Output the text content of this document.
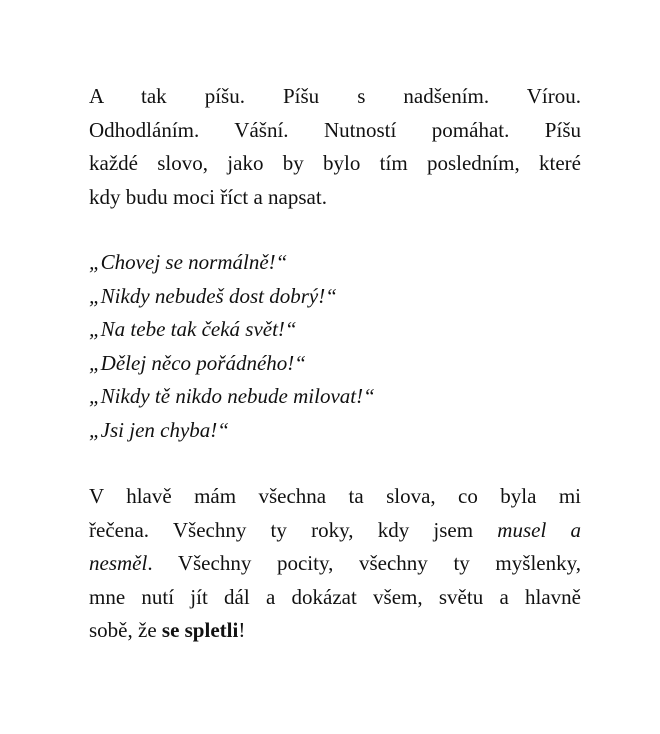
A tak píšu. Píšu s nadšením. Vírou.
Odhodláním. Vášní. Nutností pomáhat. Píšu
každé slovo, jako by bylo tím posledním, které
kdy budu moci říct a napsat.
„Chovej se normálně!“
„Nikdy nebudeš dost dobrý!“
„Na tebe tak čeká svět!“
„Dělej něco pořádného!“
„Nikdy tě nikdo nebude milovat!“
„Jsi jen chyba!“
V hlavě mám všechna ta slova, co byla mi
řečena. Všechny ty roky, kdy jsem musel a
nesměl. Všechny pocity, všechny ty myšlenky,
mne nutí jít dál a dokázat všem, světu a hlavně
sobě, že se spletli!
